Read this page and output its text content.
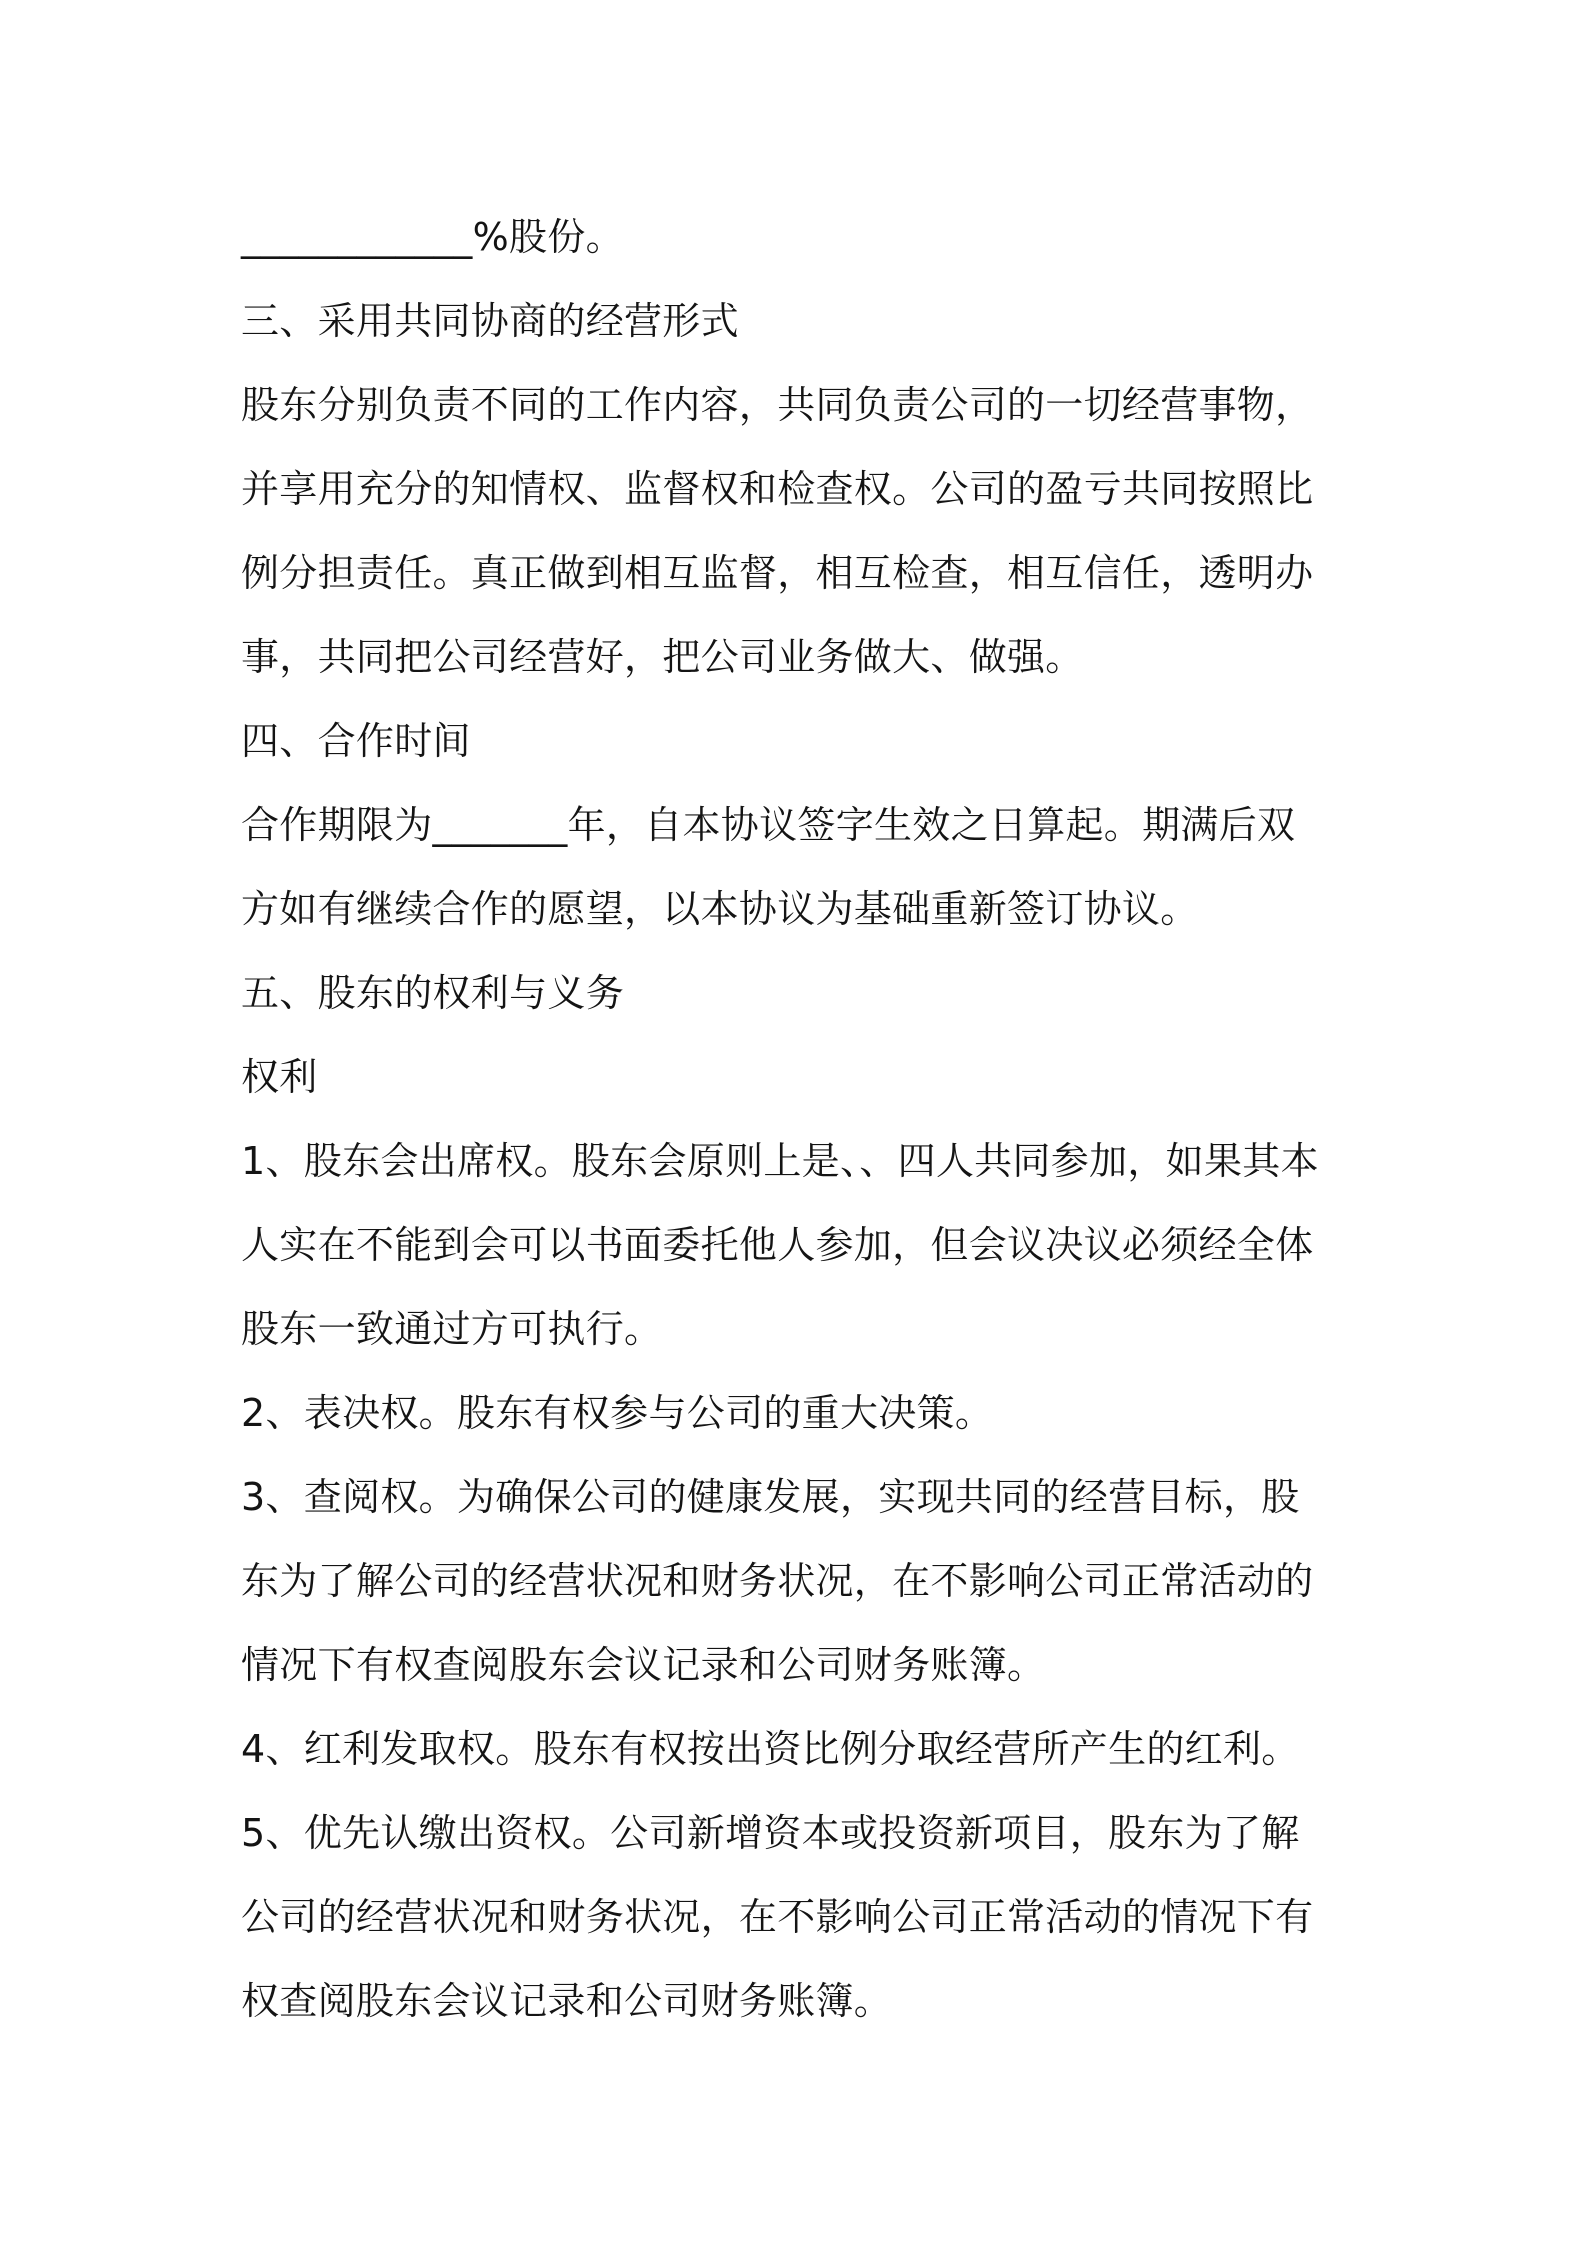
____________%股份。

三、采用共同协商的经营形式

股东分别负责不同的工作内容，共同负责公司的一切经营事物，

并享用充分的知情权、监督权和检查权。公司的盈亏共同按照比

例分担责任。真正做到相互监督，相互检查，相互信任，透明办

事，共同把公司经营好，把公司业务做大、做强。

四、合作时间

合作期限为_______年，自本协议签字生效之日算起。期满后双

方如有继续合作的愿望，以本协议为基础重新签订协议。

五、股东的权利与义务

权利

1、股东会出席权。股东会原则上是、、四人共同参加，如果其本

人实在不能到会可以书面委托他人参加，但会议决议必须经全体

股东一致通过方可执行。

2、表决权。股东有权参与公司的重大决策。

3、查阅权。为确保公司的健康发展，实现共同的经营目标，股

东为了解公司的经营状况和财务状况，在不影响公司正常活动的

情况下有权查阅股东会议记录和公司财务账簿。

4、红利发取权。股东有权按出资比例分取经营所产生的红利。

5、优先认缴出资权。公司新增资本或投资新项目，股东为了解

公司的经营状况和财务状况，在不影响公司正常活动的情况下有

权查阅股东会议记录和公司财务账簿。
